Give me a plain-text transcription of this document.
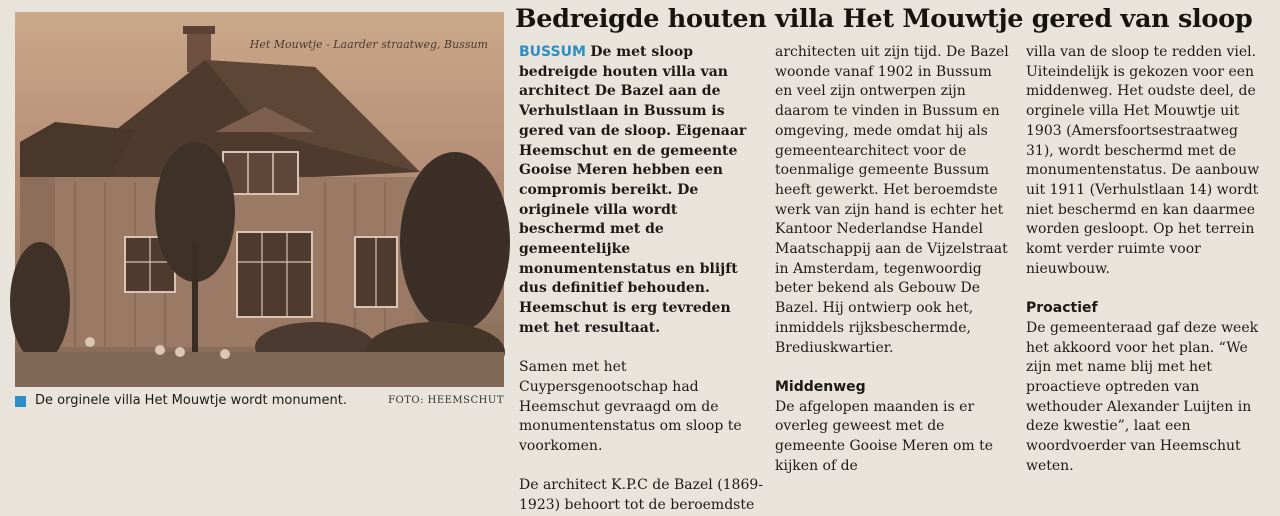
Het Mouwtje - Laarder straatweg, Bussum
De orginele villa Het Mouwtje wordt monument.	FOTO: HEEMSCHUT
Bedreigde houten villa Het Mouwtje gered van sloop

BUSSUM De met sloop bedreigde houten villa van architect De Bazel aan de Verhulstlaan in Bussum is gered van de sloop. Eigenaar Heemschut en de gemeente Gooise Meren hebben een compromis bereikt. De originele villa wordt beschermd met de gemeentelijke monumentenstatus en blijft dus definitief behouden. Heemschut is erg tevreden met het resultaat.

Samen met het Cuypersgenootschap had Heemschut gevraagd om de monumentenstatus om sloop te voorkomen.

De architect K.P.C de Bazel (1869-1923) behoort tot de beroemdste

architecten uit zijn tijd. De Bazel woonde vanaf 1902 in Bussum en veel zijn ontwerpen zijn daarom te vinden in Bussum en omgeving, mede omdat hij als gemeentearchitect voor de toenmalige gemeente Bussum heeft gewerkt. Het beroemdste werk van zijn hand is echter het Kantoor Nederlandse Handel Maatschappij aan de Vijzelstraat in Amsterdam, tegenwoordig beter bekend als Gebouw De Bazel. Hij ontwierp ook het, inmiddels rijksbeschermde, Brediuskwartier.

Middenweg

De afgelopen maanden is er overleg geweest met de gemeente Gooise Meren om te kijken of de

villa van de sloop te redden viel. Uiteindelijk is gekozen voor een middenweg. Het oudste deel, de orginele villa Het Mouwtje uit 1903 (Amersfoortsestraatweg 31), wordt beschermd met de monumentenstatus. De aanbouw uit 1911 (Verhulstlaan 14) wordt niet beschermd en kan daarmee worden gesloopt. Op het terrein komt verder ruimte voor nieuwbouw.

Proactief

De gemeenteraad gaf deze week het akkoord voor het plan. “We zijn met name blij met het proactieve optreden van wethouder Alexander Luijten in deze kwestie”, laat een woordvoerder van Heemschut weten.
